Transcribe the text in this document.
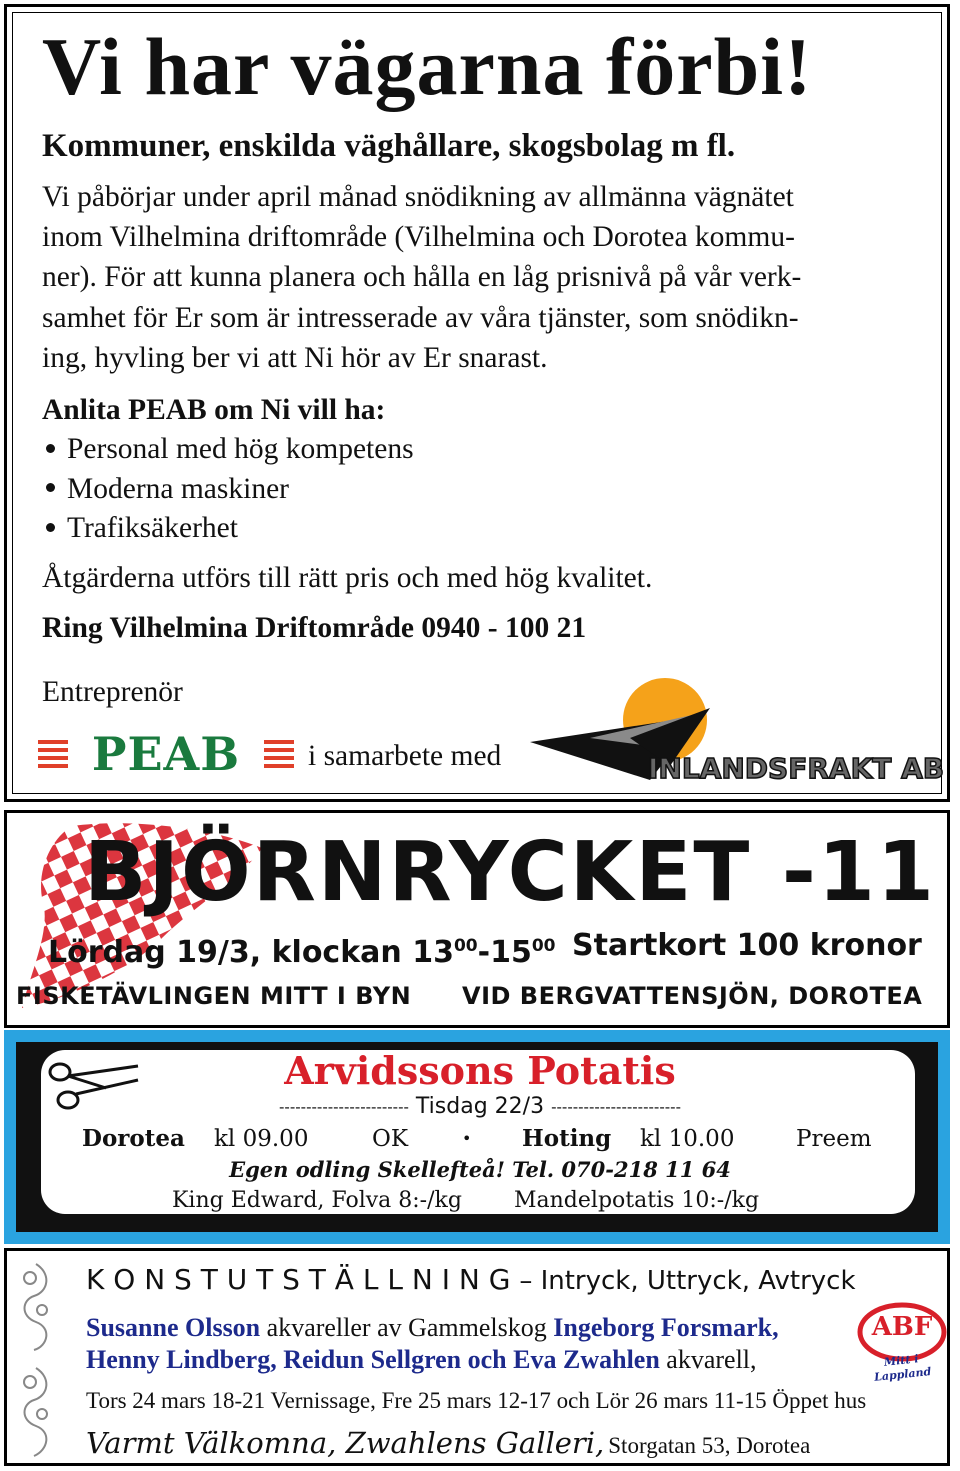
Vi har vägarna förbi!
Kommuner, enskilda väghållare, skogsbolag m fl.
Vi påbörjar under april månad snödikning av allmänna vägnätet
inom Vilhelmina driftområde (Vilhelmina och Dorotea kommu-
ner). För att kunna planera och hålla en låg prisnivå på vår verk-
samhet för Er som är intresserade av våra tjänster, som snödikn-
ing, hyvling ber vi att Ni hör av Er snarast.
Anlita PEAB om Ni vill ha:
Personal med hög kompetens
Moderna maskiner
Trafiksäkerhet
Åtgärderna utförs till rätt pris och med hög kvalitet.
Ring Vilhelmina Driftområde 0940 - 100 21
Entreprenör
PEAB	i samarbete med	INLANDSFRAKT AB
BJÖRNRYCKET -11
Lördag 19/3, klockan $13^{00}-15^{00}$ Startkort 100 kronor
FISKETÄVLINGEN MITT I BYN VID BERGVATTENSJÖN, DOROTEA
Arvidssons Potatis
------------------------ Tisdag 22/3 ------------------------
Dorotea kl 09.00	OK	• Hoting kl 10.00	Preem
Egen odling Skellefteå! Tel. 070-218 11 64
King Edward, Folva 8:-/kg Mandelpotatis 10:-/kg
K O N S T U T S T Ä L L N I N G – Intryck, Uttryck, Avtryck
Susanne Olsson akvareller av Gammelskog Ingeborg Forsmark,
Henny Lindberg, Reidun Sellgren och Eva Zwahlen akvarell,
ABF
Mitt i Lappland
Tors 24 mars 18-21 Vernissage, Fre 25 mars 12-17 och Lör 26 mars 11-15 Öppet hus
Varmt Välkomna, Zwahlens Galleri, Storgatan 53, Dorotea
